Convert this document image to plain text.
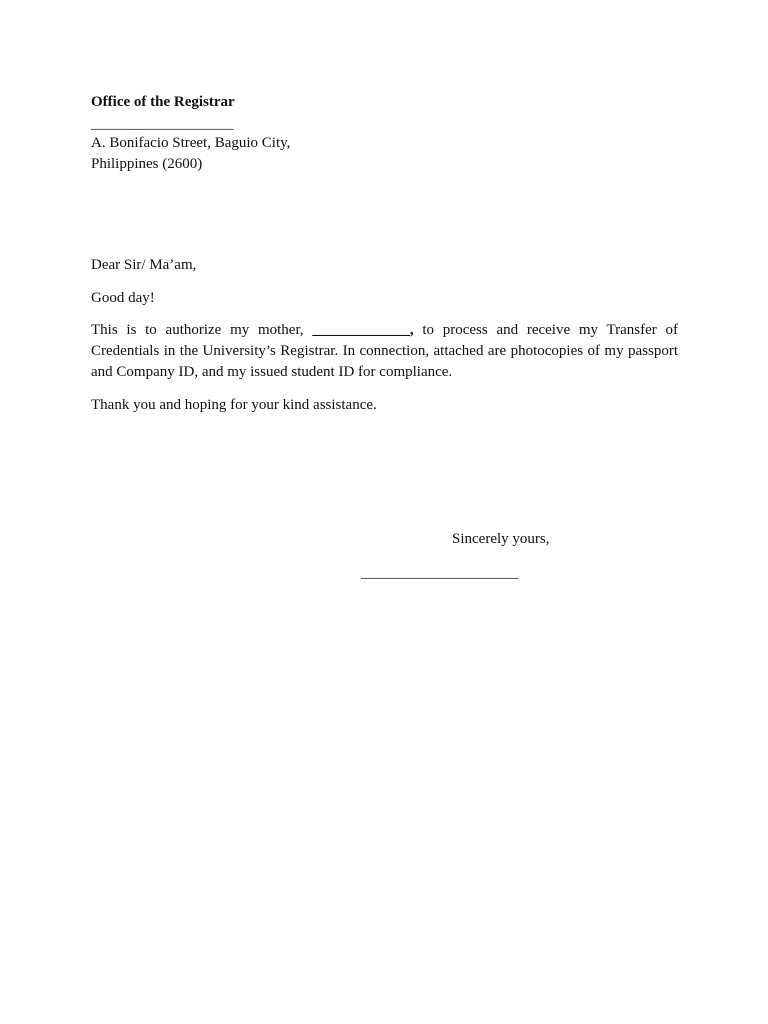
Office of the Registrar
___________________
A. Bonifacio Street, Baguio City,
Philippines (2600)
Dear Sir/ Ma’am,
Good day!
This is to authorize my mother, _____________, to process and receive my Transfer of Credentials in the University’s Registrar. In connection, attached are photocopies of my passport and Company ID, and my issued student ID for compliance.
Thank you and hoping for your kind assistance.
Sincerely yours,
_____________________
